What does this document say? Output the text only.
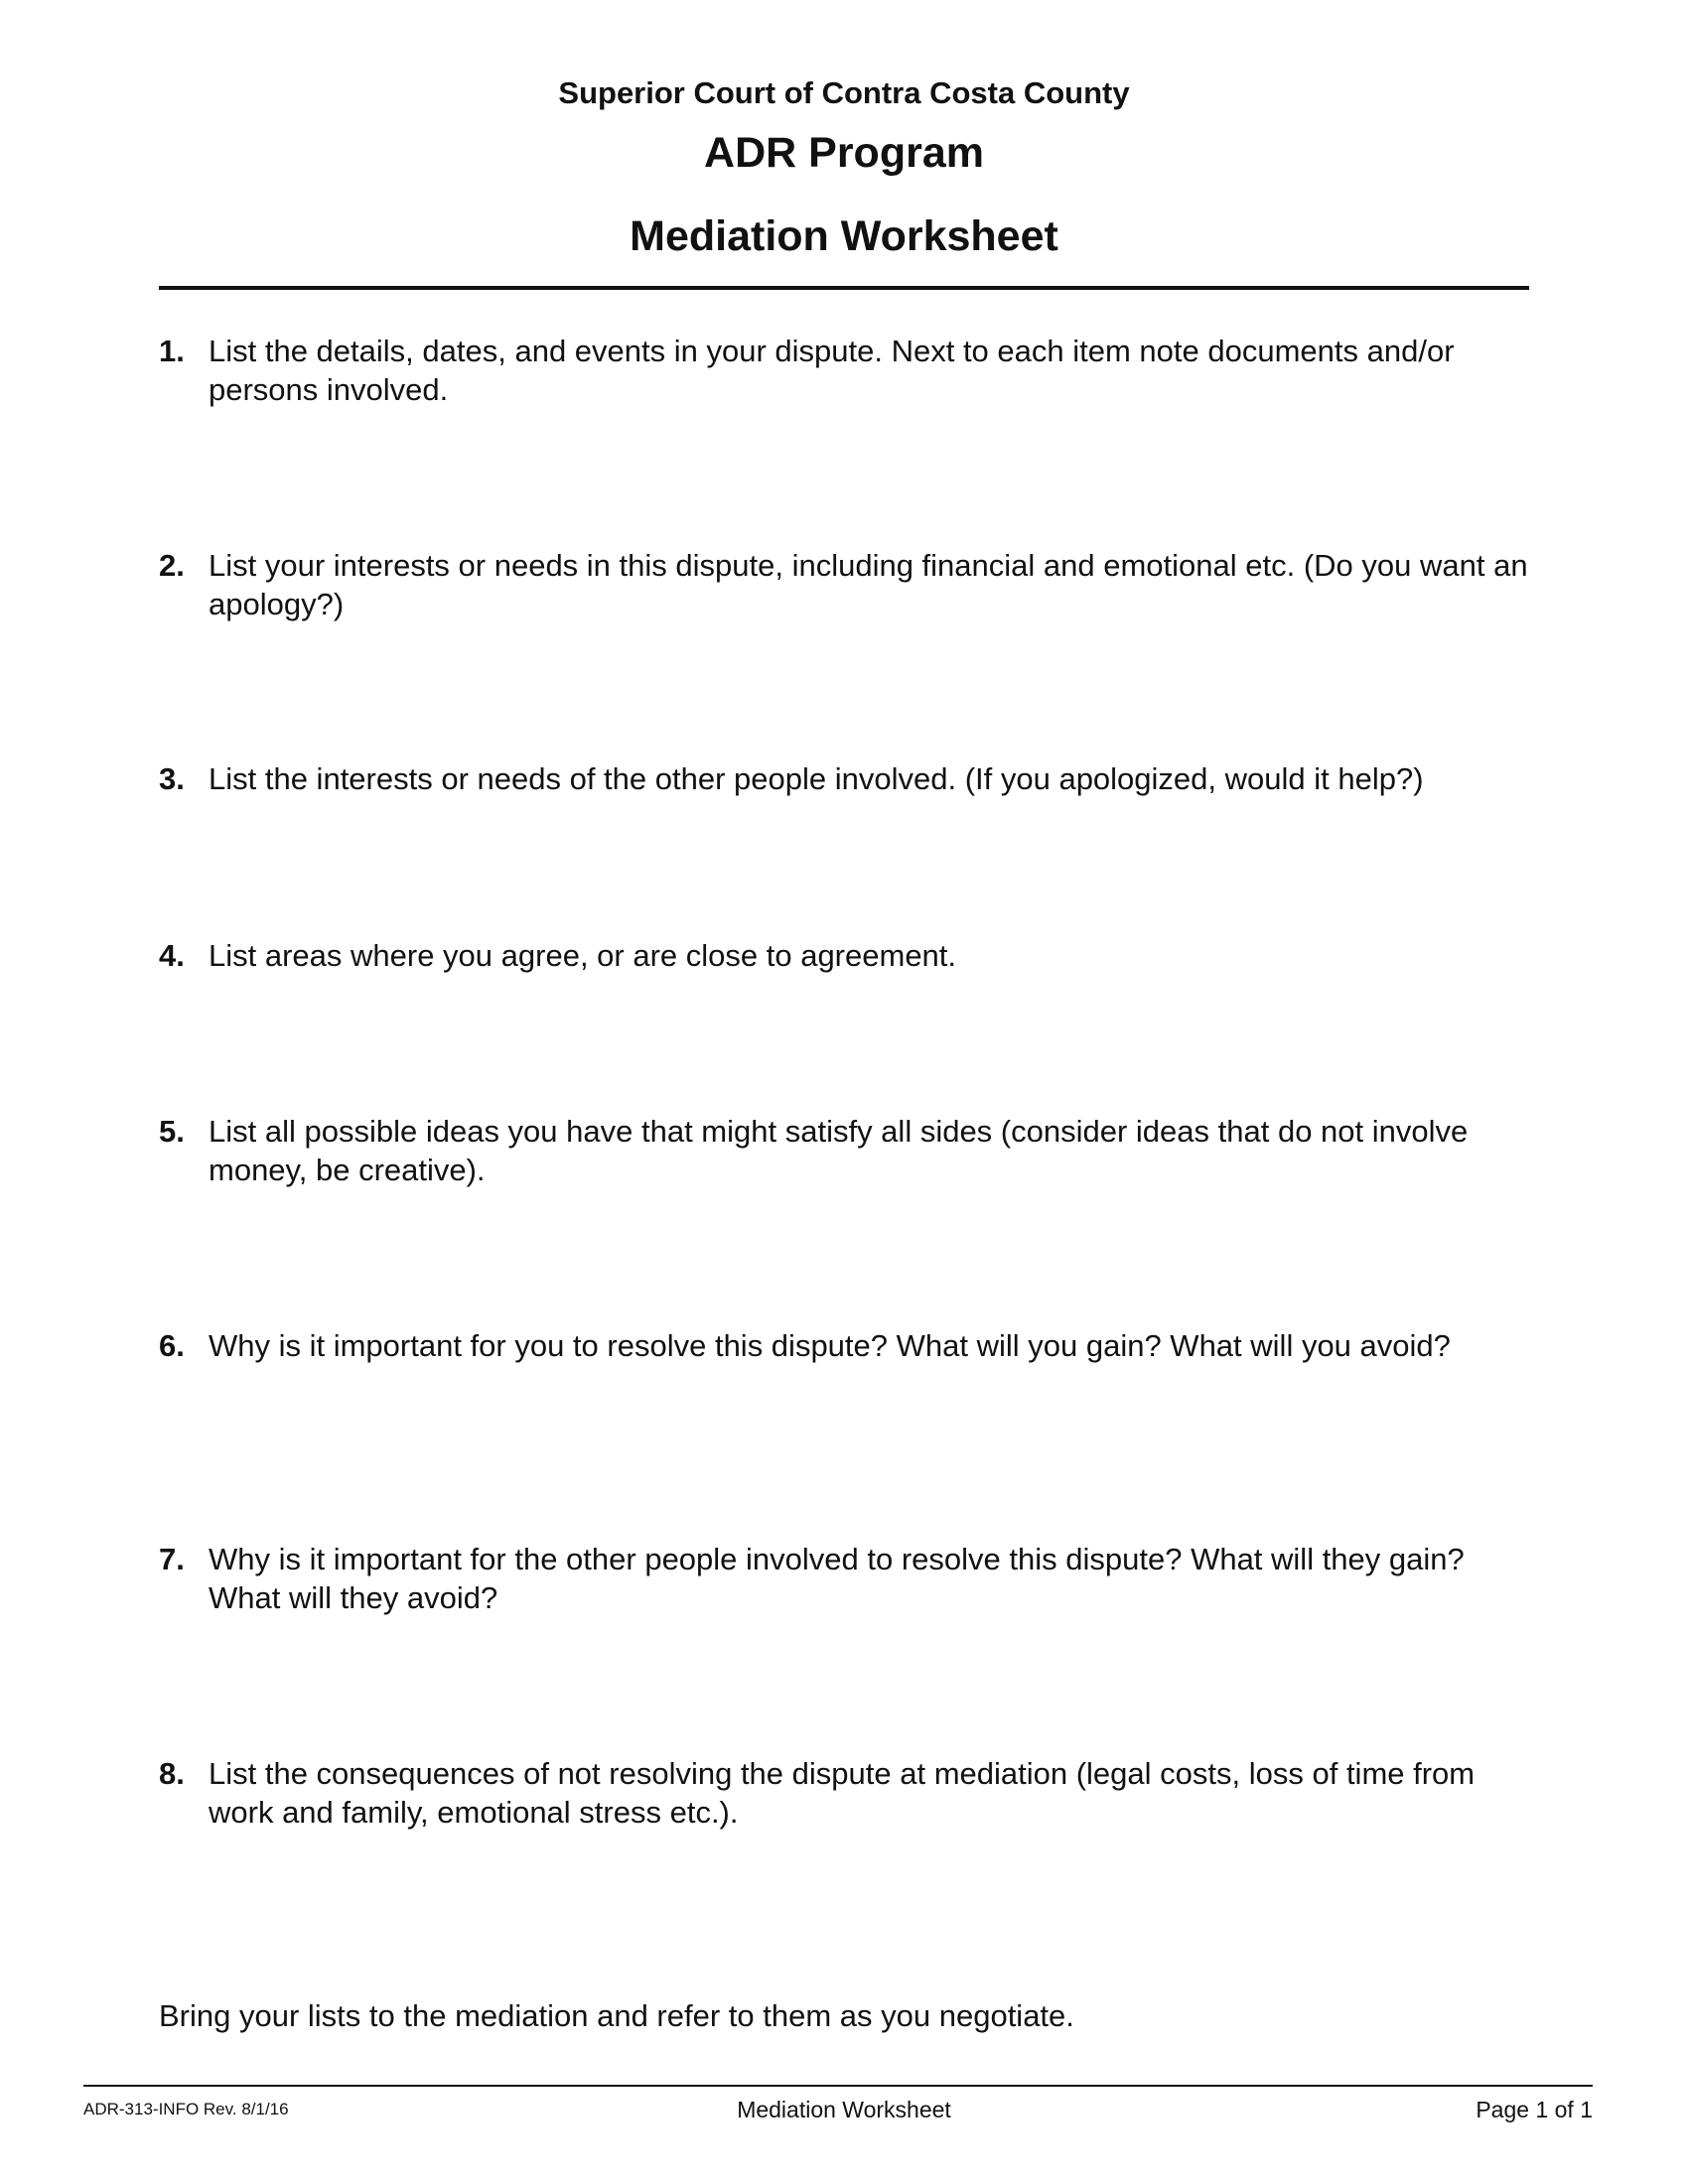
Superior Court of Contra Costa County
ADR Program
Mediation Worksheet
1. List the details, dates, and events in your dispute. Next to each item note documents and/or persons involved.
2. List your interests or needs in this dispute, including financial and emotional etc. (Do you want an apology?)
3. List the interests or needs of the other people involved. (If you apologized, would it help?)
4. List areas where you agree, or are close to agreement.
5. List all possible ideas you have that might satisfy all sides (consider ideas that do not involve money, be creative).
6. Why is it important for you to resolve this dispute? What will you gain? What will you avoid?
7. Why is it important for the other people involved to resolve this dispute? What will they gain? What will they avoid?
8. List the consequences of not resolving the dispute at mediation (legal costs, loss of time from work and family, emotional stress etc.).

Bring your lists to the mediation and refer to them as you negotiate.

ADR-313-INFO Rev. 8/1/16	Mediation Worksheet	Page 1 of 1
